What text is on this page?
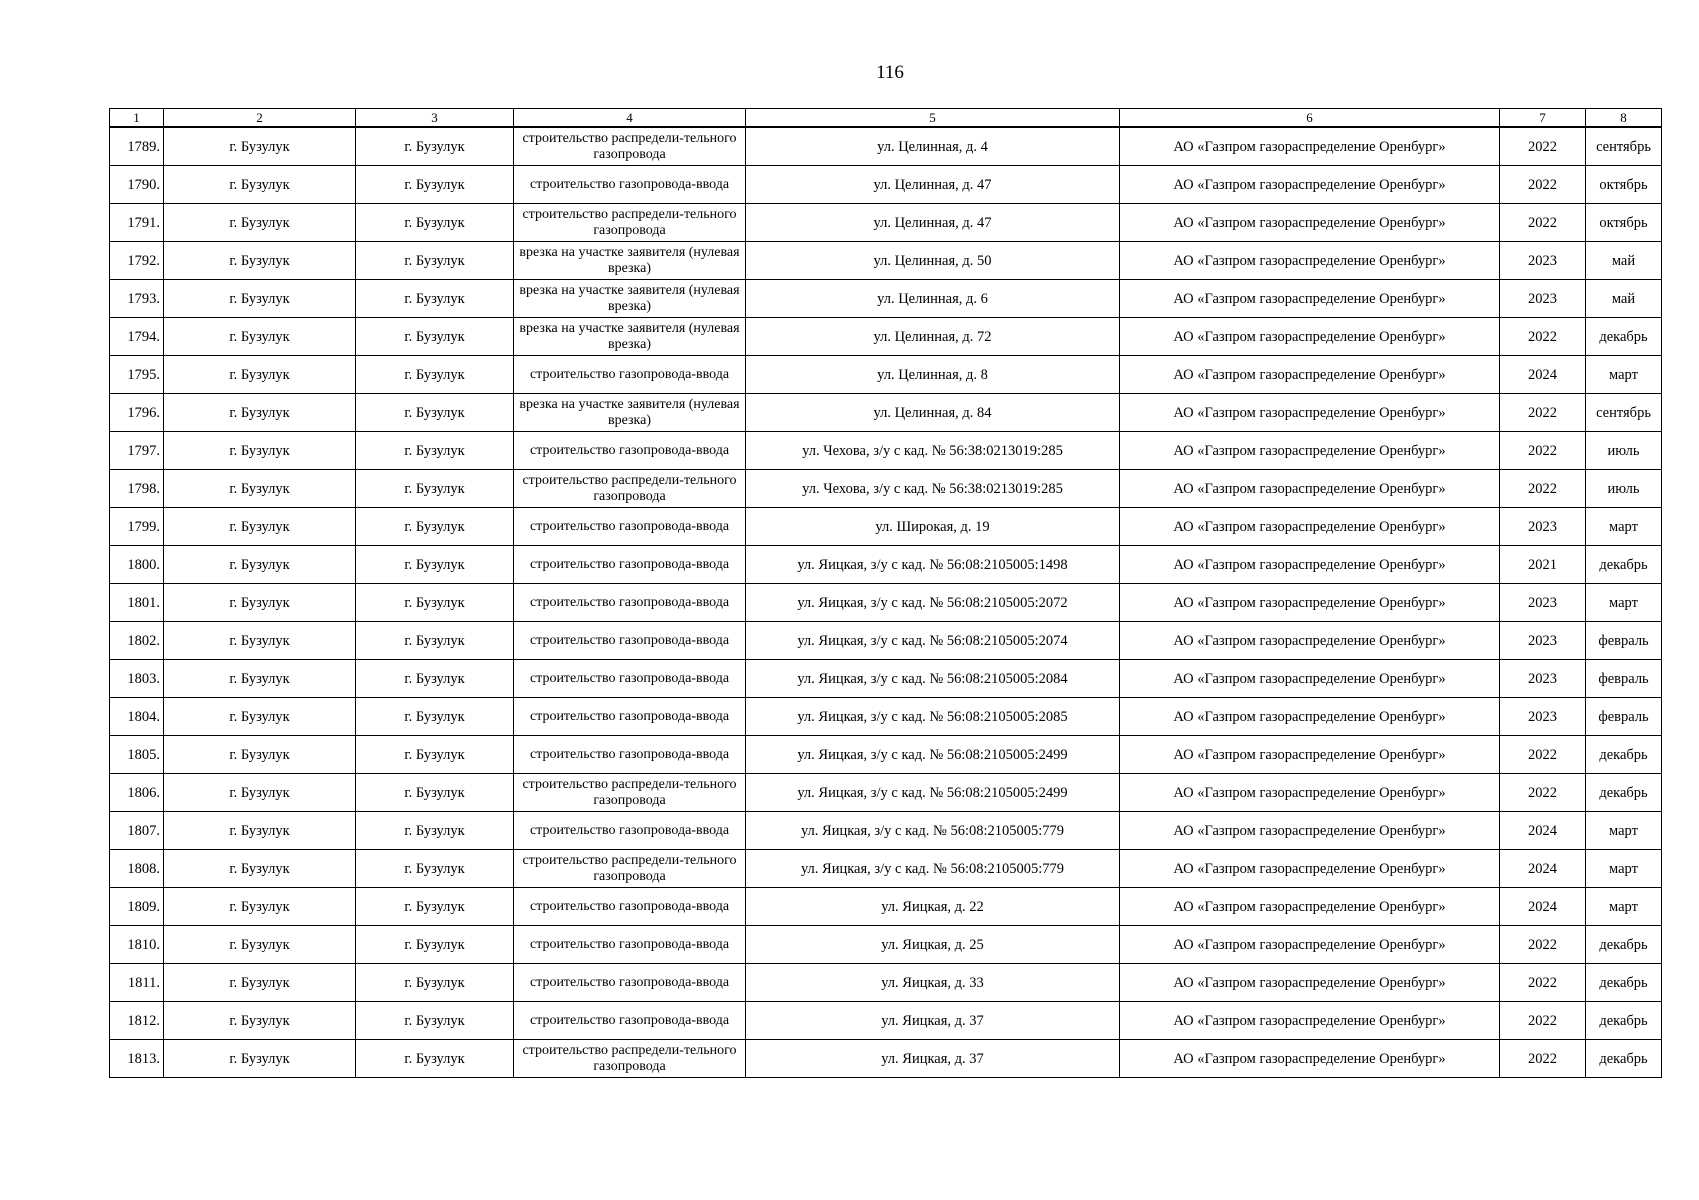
116
1	2	3	4	5	6	7	8
1789.	г. Бузулук	г. Бузулук	строительство распредели-тельного газопровода	ул. Целинная, д. 4	АО «Газпром газораспределение Оренбург»	2022	сентябрь
1790.	г. Бузулук	г. Бузулук	строительство газопровода-ввода	ул. Целинная, д. 47	АО «Газпром газораспределение Оренбург»	2022	октябрь
1791.	г. Бузулук	г. Бузулук	строительство распредели-тельного газопровода	ул. Целинная, д. 47	АО «Газпром газораспределение Оренбург»	2022	октябрь
1792.	г. Бузулук	г. Бузулук	врезка на участке заявителя (нулевая врезка)	ул. Целинная, д. 50	АО «Газпром газораспределение Оренбург»	2023	май
1793.	г. Бузулук	г. Бузулук	врезка на участке заявителя (нулевая врезка)	ул. Целинная, д. 6	АО «Газпром газораспределение Оренбург»	2023	май
1794.	г. Бузулук	г. Бузулук	врезка на участке заявителя (нулевая врезка)	ул. Целинная, д. 72	АО «Газпром газораспределение Оренбург»	2022	декабрь
1795.	г. Бузулук	г. Бузулук	строительство газопровода-ввода	ул. Целинная, д. 8	АО «Газпром газораспределение Оренбург»	2024	март
1796.	г. Бузулук	г. Бузулук	врезка на участке заявителя (нулевая врезка)	ул. Целинная, д. 84	АО «Газпром газораспределение Оренбург»	2022	сентябрь
1797.	г. Бузулук	г. Бузулук	строительство газопровода-ввода	ул. Чехова, з/у с кад. № 56:38:0213019:285	АО «Газпром газораспределение Оренбург»	2022	июль
1798.	г. Бузулук	г. Бузулук	строительство распредели-тельного газопровода	ул. Чехова, з/у с кад. № 56:38:0213019:285	АО «Газпром газораспределение Оренбург»	2022	июль
1799.	г. Бузулук	г. Бузулук	строительство газопровода-ввода	ул. Широкая, д. 19	АО «Газпром газораспределение Оренбург»	2023	март
1800.	г. Бузулук	г. Бузулук	строительство газопровода-ввода	ул. Яицкая, з/у с кад. № 56:08:2105005:1498	АО «Газпром газораспределение Оренбург»	2021	декабрь
1801.	г. Бузулук	г. Бузулук	строительство газопровода-ввода	ул. Яицкая, з/у с кад. № 56:08:2105005:2072	АО «Газпром газораспределение Оренбург»	2023	март
1802.	г. Бузулук	г. Бузулук	строительство газопровода-ввода	ул. Яицкая, з/у с кад. № 56:08:2105005:2074	АО «Газпром газораспределение Оренбург»	2023	февраль
1803.	г. Бузулук	г. Бузулук	строительство газопровода-ввода	ул. Яицкая, з/у с кад. № 56:08:2105005:2084	АО «Газпром газораспределение Оренбург»	2023	февраль
1804.	г. Бузулук	г. Бузулук	строительство газопровода-ввода	ул. Яицкая, з/у с кад. № 56:08:2105005:2085	АО «Газпром газораспределение Оренбург»	2023	февраль
1805.	г. Бузулук	г. Бузулук	строительство газопровода-ввода	ул. Яицкая, з/у с кад. № 56:08:2105005:2499	АО «Газпром газораспределение Оренбург»	2022	декабрь
1806.	г. Бузулук	г. Бузулук	строительство распредели-тельного газопровода	ул. Яицкая, з/у с кад. № 56:08:2105005:2499	АО «Газпром газораспределение Оренбург»	2022	декабрь
1807.	г. Бузулук	г. Бузулук	строительство газопровода-ввода	ул. Яицкая, з/у с кад. № 56:08:2105005:779	АО «Газпром газораспределение Оренбург»	2024	март
1808.	г. Бузулук	г. Бузулук	строительство распредели-тельного газопровода	ул. Яицкая, з/у с кад. № 56:08:2105005:779	АО «Газпром газораспределение Оренбург»	2024	март
1809.	г. Бузулук	г. Бузулук	строительство газопровода-ввода	ул. Яицкая, д. 22	АО «Газпром газораспределение Оренбург»	2024	март
1810.	г. Бузулук	г. Бузулук	строительство газопровода-ввода	ул. Яицкая, д. 25	АО «Газпром газораспределение Оренбург»	2022	декабрь
1811.	г. Бузулук	г. Бузулук	строительство газопровода-ввода	ул. Яицкая, д. 33	АО «Газпром газораспределение Оренбург»	2022	декабрь
1812.	г. Бузулук	г. Бузулук	строительство газопровода-ввода	ул. Яицкая, д. 37	АО «Газпром газораспределение Оренбург»	2022	декабрь
1813.	г. Бузулук	г. Бузулук	строительство распредели-тельного газопровода	ул. Яицкая, д. 37	АО «Газпром газораспределение Оренбург»	2022	декабрь
